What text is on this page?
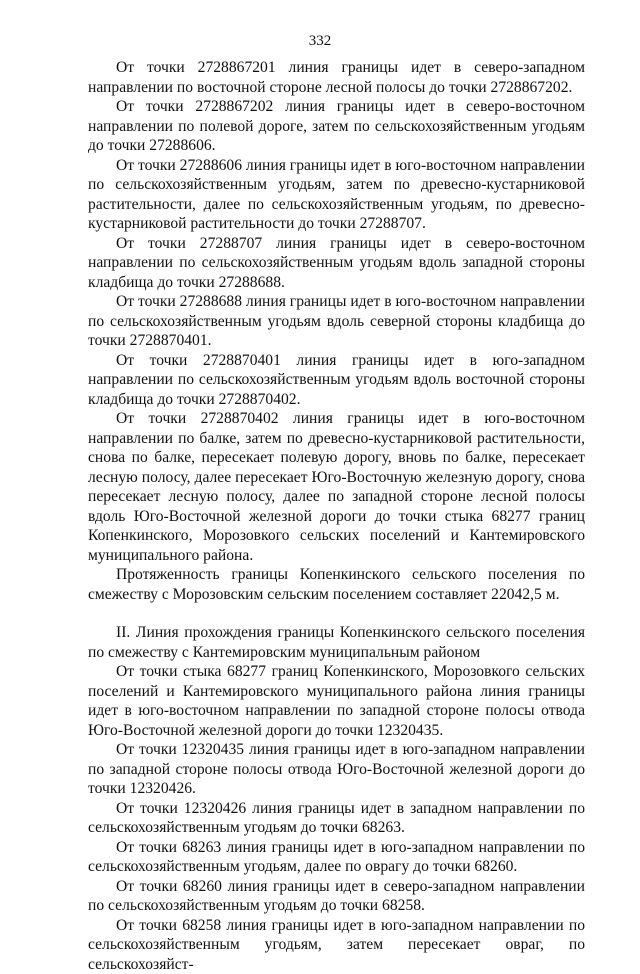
332

От точки 2728867201 линия границы идет в северо-западном направлении по восточной стороне лесной полосы до точки 2728867202.

От точки 2728867202 линия границы идет в северо-восточном направлении по полевой дороге, затем по сельскохозяйственным угодьям до точки 27288606.

От точки 27288606 линия границы идет в юго-восточном направлении по сельскохозяйственным угодьям, затем по древесно-кустарниковой растительности, далее по сельскохозяйственным угодьям, по древесно-кустарниковой растительности до точки 27288707.

От точки 27288707 линия границы идет в северо-восточном направлении по сельскохозяйственным угодьям вдоль западной стороны кладбища до точки 27288688.

От точки 27288688 линия границы идет в юго-восточном направлении по сельскохозяйственным угодьям вдоль северной стороны кладбища до точки 2728870401.

От точки 2728870401 линия границы идет в юго-западном направлении по сельскохозяйственным угодьям вдоль восточной стороны кладбища до точки 2728870402.

От точки 2728870402 линия границы идет в юго-восточном направлении по балке, затем по древесно-кустарниковой растительности, снова по балке, пересекает полевую дорогу, вновь по балке, пересекает лесную полосу, далее пересекает Юго-Восточную железную дорогу, снова пересекает лесную полосу, далее по западной стороне лесной полосы вдоль Юго-Восточной железной дороги до точки стыка 68277 границ Копенкинского, Морозовкого сельских поселений и Кантемировского муниципального района.

Протяженность границы Копенкинского сельского поселения по смежеству с Морозовским сельским поселением составляет 22042,5 м.

II. Линия прохождения границы Копенкинского сельского поселения по смежеству с Кантемировским муниципальным районом

От точки стыка 68277 границ Копенкинского, Морозовкого сельских поселений и Кантемировского муниципального района линия границы идет в юго-восточном направлении по западной стороне полосы отвода Юго-Восточной железной дороги до точки 12320435.

От точки 12320435 линия границы идет в юго-западном направлении по западной стороне полосы отвода Юго-Восточной железной дороги до точки 12320426.

От точки 12320426 линия границы идет в западном направлении по сельскохозяйственным угодьям до точки 68263.

От точки 68263 линия границы идет в юго-западном направлении по сельскохозяйственным угодьям, далее по оврагу до точки 68260.

От точки 68260 линия границы идет в северо-западном направлении по сельскохозяйственным угодьям до точки 68258.

От точки 68258 линия границы идет в юго-западном направлении по сельскохозяйственным угодьям, затем пересекает овраг, по сельскохозяйст-
